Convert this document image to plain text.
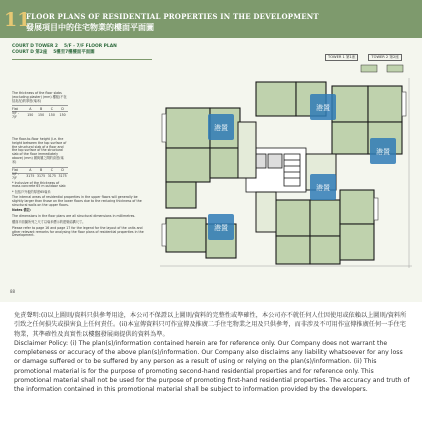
11
FLOOR PLANS OF RESIDENTIAL PROPERTIES IN THE DEVELOPMENT
發展項目中的住宅物業的樓面平面圖
COURT D TOWER 2 5/F - 7/F FLOOR PLAN
COURT D 第2座 5樓至7樓樓面平面圖
The thickness of the floor slabs (excluding plaster) (mm) 樓板(不包括灰泥)的厚度(毫米)
Flat	A	B	C	D
5/F - 7/F	150	150	150	150
The floor-to-floor height (i.e. the height between the top surface of the structural slab of a floor and the top surface of the structural slab of the floor immediately above) (mm) 層與層之間的高度(毫米)
Flat	A	B	C	D
5/F - 7/F	3175 3175 3175 3175
* Inclusive of the thickness of mass concrete 65 m outdoor slab
* 包括戶外板的厚度65毫米
The internal areas of residential properties in the upper floors will generally be slightly larger than those on the lower floors due to the reducing thickness of the structural walls on the upper floors.
Notes 備註:
The dimensions in the floor plans are all structural dimensions in millimetres.
樓面平面圖所列之尺寸以毫米標示的建築結構尺寸。
Please refer to page 16 and page 17 for the legend for the layout of the units and other relevant remarks for analysing the floor plans of residential properties in the Development.
TOWER 1 第1座	TOWER 2 第2座
港置
港置
港置
港置
港置
88

免責聲明:(i)以上圖則/資料只供參考用途，本公司不保證以上圖則/資料的完整性或準確性，本公司亦不就任何人仕因使用或依賴以上圖則/資料所引致之任何損失或損害負上任何責任。(ii)本宣傳資料只可作宣傳及推廣二手住宅物業之用及只供參考，而非涉及不可用作宣傳推廣任何一手住宅物業，其準確性及真實性以樓盤發展商提供的資料為準。

Disclaimer Policy: (i) The plan(s)/information contained herein are for reference only. Our Company does not warrant the completeness or accuracy of the above plan(s)/information. Our Company also disclaims any liability whatsoever for any loss or damage suffered or to be suffered by any person as a result of using or relying on the plan(s)/information. (ii) This promotional material is for the purpose of promoting second-hand residential properties and for reference only. This promotional material shall not be used for the purpose of promoting first-hand residential properties. The accuracy and truth of the information contained in this promotional material shall be subject to information provided by the developers.
